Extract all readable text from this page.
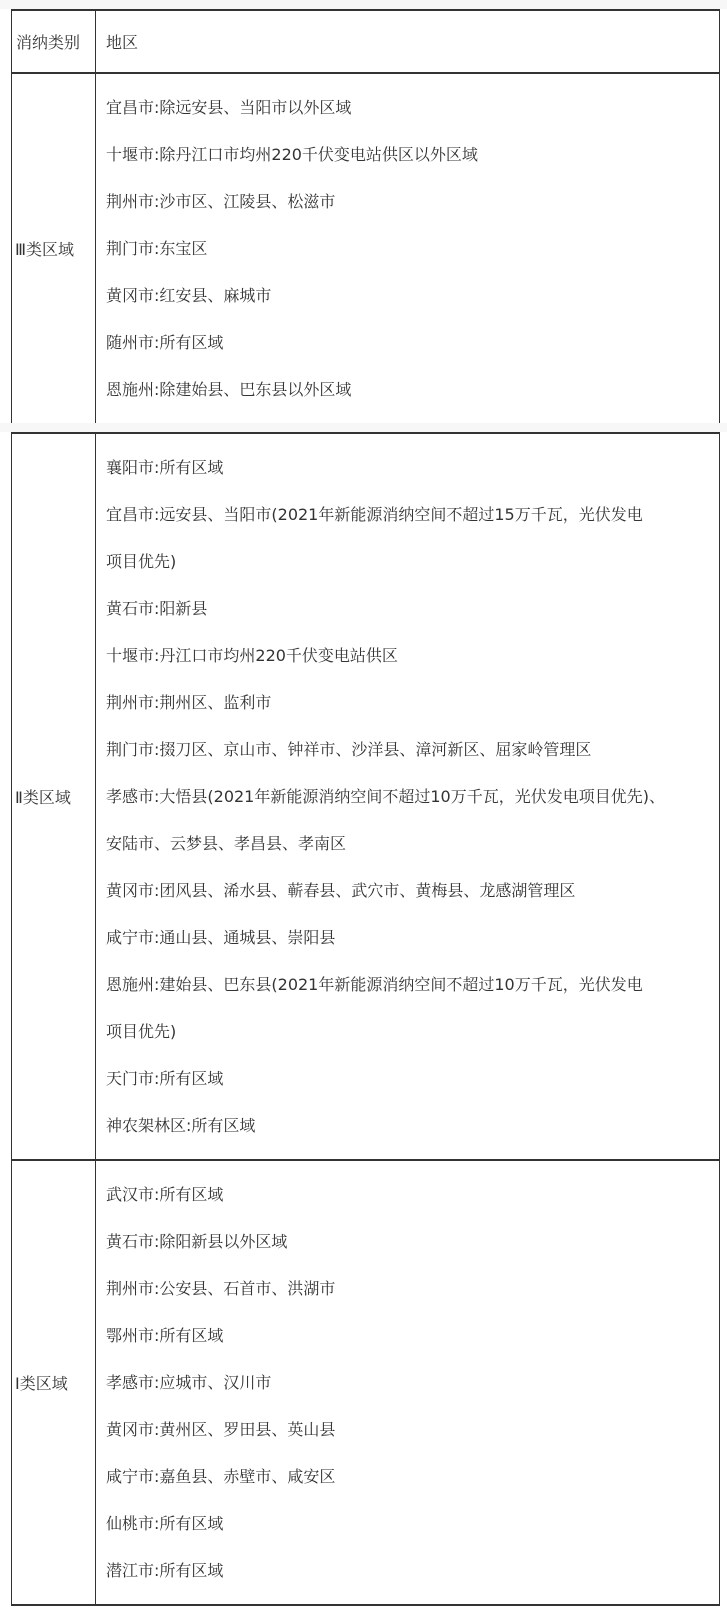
消纳类别	地区
Ⅲ类区域	
宜昌市:除远安县、当阳市以外区域
十堰市:除丹江口市均州220千伏变电站供区以外区域
荆州市:沙市区、江陵县、松滋市
荆门市:东宝区
黄冈市:红安县、麻城市
随州市:所有区域
恩施州:除建始县、巴东县以外区域
Ⅱ类区域	
襄阳市:所有区域
宜昌市:远安县、当阳市(2021年新能源消纳空间不超过15万千瓦，光伏发电
项目优先)
黄石市:阳新县
十堰市:丹江口市均州220千伏变电站供区
荆州市:荆州区、监利市
荆门市:掇刀区、京山市、钟祥市、沙洋县、漳河新区、屈家岭管理区
孝感市:大悟县(2021年新能源消纳空间不超过10万千瓦，光伏发电项目优先)、
安陆市、云梦县、孝昌县、孝南区
黄冈市:团风县、浠水县、蕲春县、武穴市、黄梅县、龙感湖管理区
咸宁市:通山县、通城县、崇阳县
恩施州:建始县、巴东县(2021年新能源消纳空间不超过10万千瓦，光伏发电
项目优先)
天门市:所有区域
神农架林区:所有区域

Ⅰ类区域	
武汉市:所有区域
黄石市:除阳新县以外区域
荆州市:公安县、石首市、洪湖市
鄂州市:所有区域
孝感市:应城市、汉川市
黄冈市:黄州区、罗田县、英山县
咸宁市:嘉鱼县、赤壁市、咸安区
仙桃市:所有区域
潜江市:所有区域
